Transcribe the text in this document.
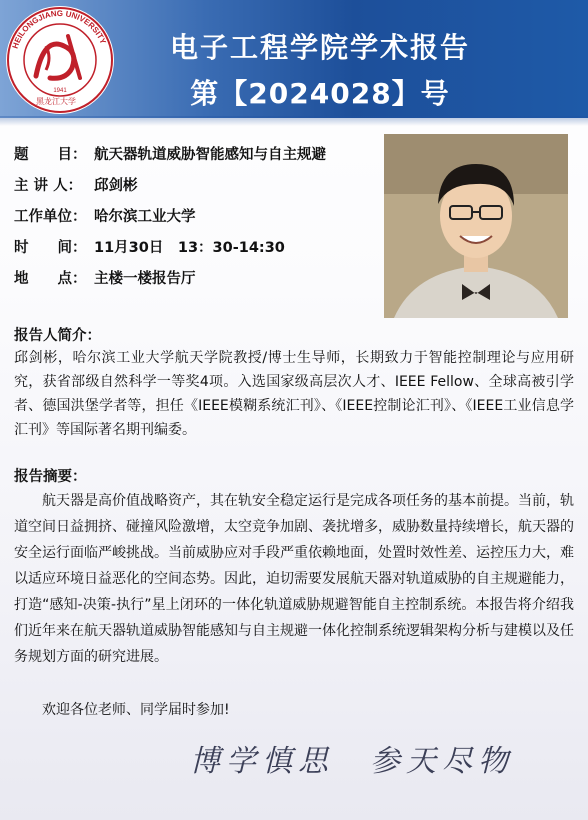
HEILONGJIANG UNIVERSITY
1941
黑龙江大学
电子工程学院学术报告
第【2024028】号
题　　目： 航天器轨道威胁智能感知与自主规避
主 讲 人： 邱剑彬
工作单位： 哈尔滨工业大学
时　　间： 11月30日　13：30-14:30
地　　点： 主楼一楼报告厅
报告人简介：
邱剑彬，哈尔滨工业大学航天学院教授/博士生导师，长期致力于智能控制理论与应用研究，获省部级自然科学一等奖4项。入选国家级高层次人才、IEEE Fellow、全球高被引学者、德国洪堡学者等，担任《IEEE模糊系统汇刊》、《IEEE控制论汇刊》、《IEEE工业信息学汇刊》等国际著名期刊编委。
报告摘要：
航天器是高价值战略资产，其在轨安全稳定运行是完成各项任务的基本前提。当前，轨道空间日益拥挤、碰撞风险激增，太空竞争加剧、袭扰增多，威胁数量持续增长，航天器的安全运行面临严峻挑战。当前威胁应对手段严重依赖地面，处置时效性差、运控压力大，难以适应环境日益恶化的空间态势。因此，迫切需要发展航天器对轨道威胁的自主规避能力，打造“感知-决策-执行”星上闭环的一体化轨道威胁规避智能自主控制系统。本报告将介绍我们近年来在航天器轨道威胁智能感知与自主规避一体化控制系统逻辑架构分析与建模以及任务规划方面的研究进展。
欢迎各位老师、同学届时参加!
博学慎思　参天尽物
